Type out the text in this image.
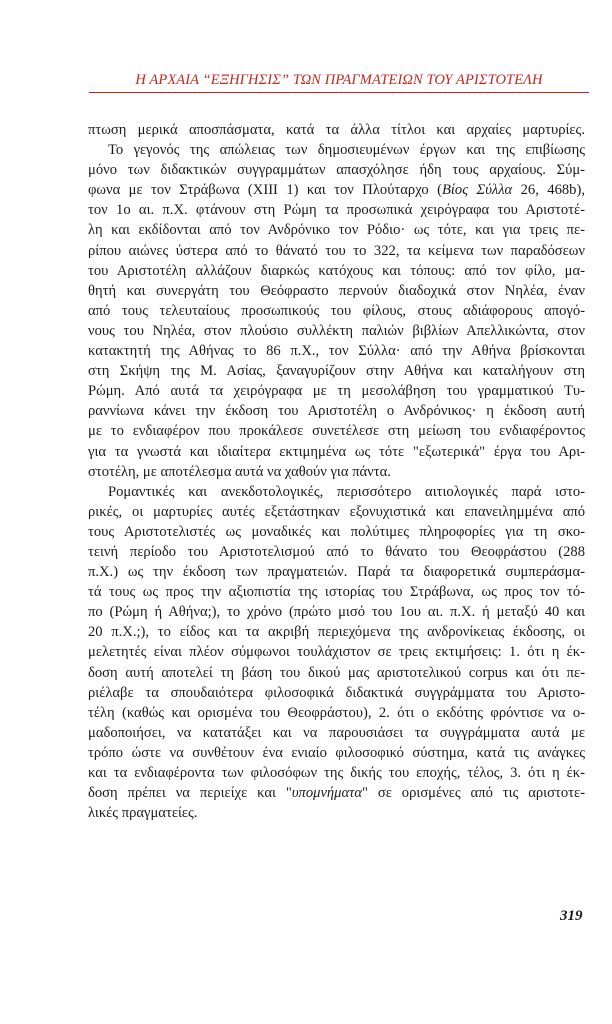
Η ΑΡΧΑΙΑ “ΕΞΗΓΗΣΙΣ” ΤΩΝ ΠΡΑΓΜΑΤΕΙΩΝ ΤΟΥ ΑΡΙΣΤΟΤΕΛΗ
πτωση μερικά αποσπάσματα, κατά τα άλλα τίτλοι και αρχαίες μαρτυρίες.
Το γεγονός της απώλειας των δημοσιευμένων έργων και της επιβίωσης
μόνο των διδακτικών συγγραμμάτων απασχόλησε ήδη τους αρχαίους. Σύμ-
φωνα με τον Στράβωνα (XIII 1) και τον Πλούταρχο (Βίος Σύλλα 26, 468b),
τον 1ο αι. π.Χ. φτάνουν στη Ρώμη τα προσωπικά χειρόγραφα του Αριστοτέ-
λη και εκδίδονται από τον Ανδρόνικο τον Ρόδιο· ως τότε, και για τρεις πε-
ρίπου αιώνες ύστερα από το θάνατό του το 322, τα κείμενα των παραδόσεων
του Αριστοτέλη αλλάζουν διαρκώς κατόχους και τόπους: από τον φίλο, μα-
θητή και συνεργάτη του Θεόφραστο περνούν διαδοχικά στον Νηλέα, έναν
από τους τελευταίους προσωπικούς του φίλους, στους αδιάφορους απογό-
νους του Νηλέα, στον πλούσιο συλλέκτη παλιών βιβλίων Απελλικώντα, στον
κατακτητή της Αθήνας το 86 π.Χ., τον Σύλλα· από την Αθήνα βρίσκονται
στη Σκήψη της Μ. Ασίας, ξαναγυρίζουν στην Αθήνα και καταλήγουν στη
Ρώμη. Από αυτά τα χειρόγραφα με τη μεσολάβηση του γραμματικού Τυ-
ραννίωνα κάνει την έκδοση του Αριστοτέλη ο Ανδρόνικος· η έκδοση αυτή
με το ενδιαφέρον που προκάλεσε συνετέλεσε στη μείωση του ενδιαφέροντος
για τα γνωστά και ιδιαίτερα εκτιμημένα ως τότε "εξωτερικά" έργα του Αρι-
στοτέλη, με αποτέλεσμα αυτά να χαθούν για πάντα.
Ρομαντικές και ανεκδοτολογικές, περισσότερο αιτιολογικές παρά ιστο-
ρικές, οι μαρτυρίες αυτές εξετάστηκαν εξονυχιστικά και επανειλημμένα από
τους Αριστοτελιστές ως μοναδικές και πολύτιμες πληροφορίες για τη σκο-
τεινή περίοδο του Αριστοτελισμού από το θάνατο του Θεοφράστου (288
π.Χ.) ως την έκδοση των πραγματειών. Παρά τα διαφορετικά συμπεράσμα-
τά τους ως προς την αξιοπιστία της ιστορίας του Στράβωνα, ως προς τον τό-
πο (Ρώμη ή Αθήνα;), το χρόνο (πρώτο μισό του 1ου αι. π.Χ. ή μεταξύ 40 και
20 π.Χ.;), το είδος και τα ακριβή περιεχόμενα της ανδρονίκειας έκδοσης, οι
μελετητές είναι πλέον σύμφωνοι τουλάχιστον σε τρεις εκτιμήσεις: 1. ότι η έκ-
δοση αυτή αποτελεί τη βάση του δικού μας αριστοτελικού corpus και ότι πε-
ριέλαβε τα σπουδαιότερα φιλοσοφικά διδακτικά συγγράμματα του Αριστο-
τέλη (καθώς και ορισμένα του Θεοφράστου), 2. ότι ο εκδότης φρόντισε να ο-
μαδοποιήσει, να κατατάξει και να παρουσιάσει τα συγγράμματα αυτά με
τρόπο ώστε να συνθέτουν ένα ενιαίο φιλοσοφικό σύστημα, κατά τις ανάγκες
και τα ενδιαφέροντα των φιλοσόφων της δικής του εποχής, τέλος, 3. ότι η έκ-
δοση πρέπει να περιείχε και "υπομνήματα" σε ορισμένες από τις αριστοτε-
λικές πραγματείες.
319
